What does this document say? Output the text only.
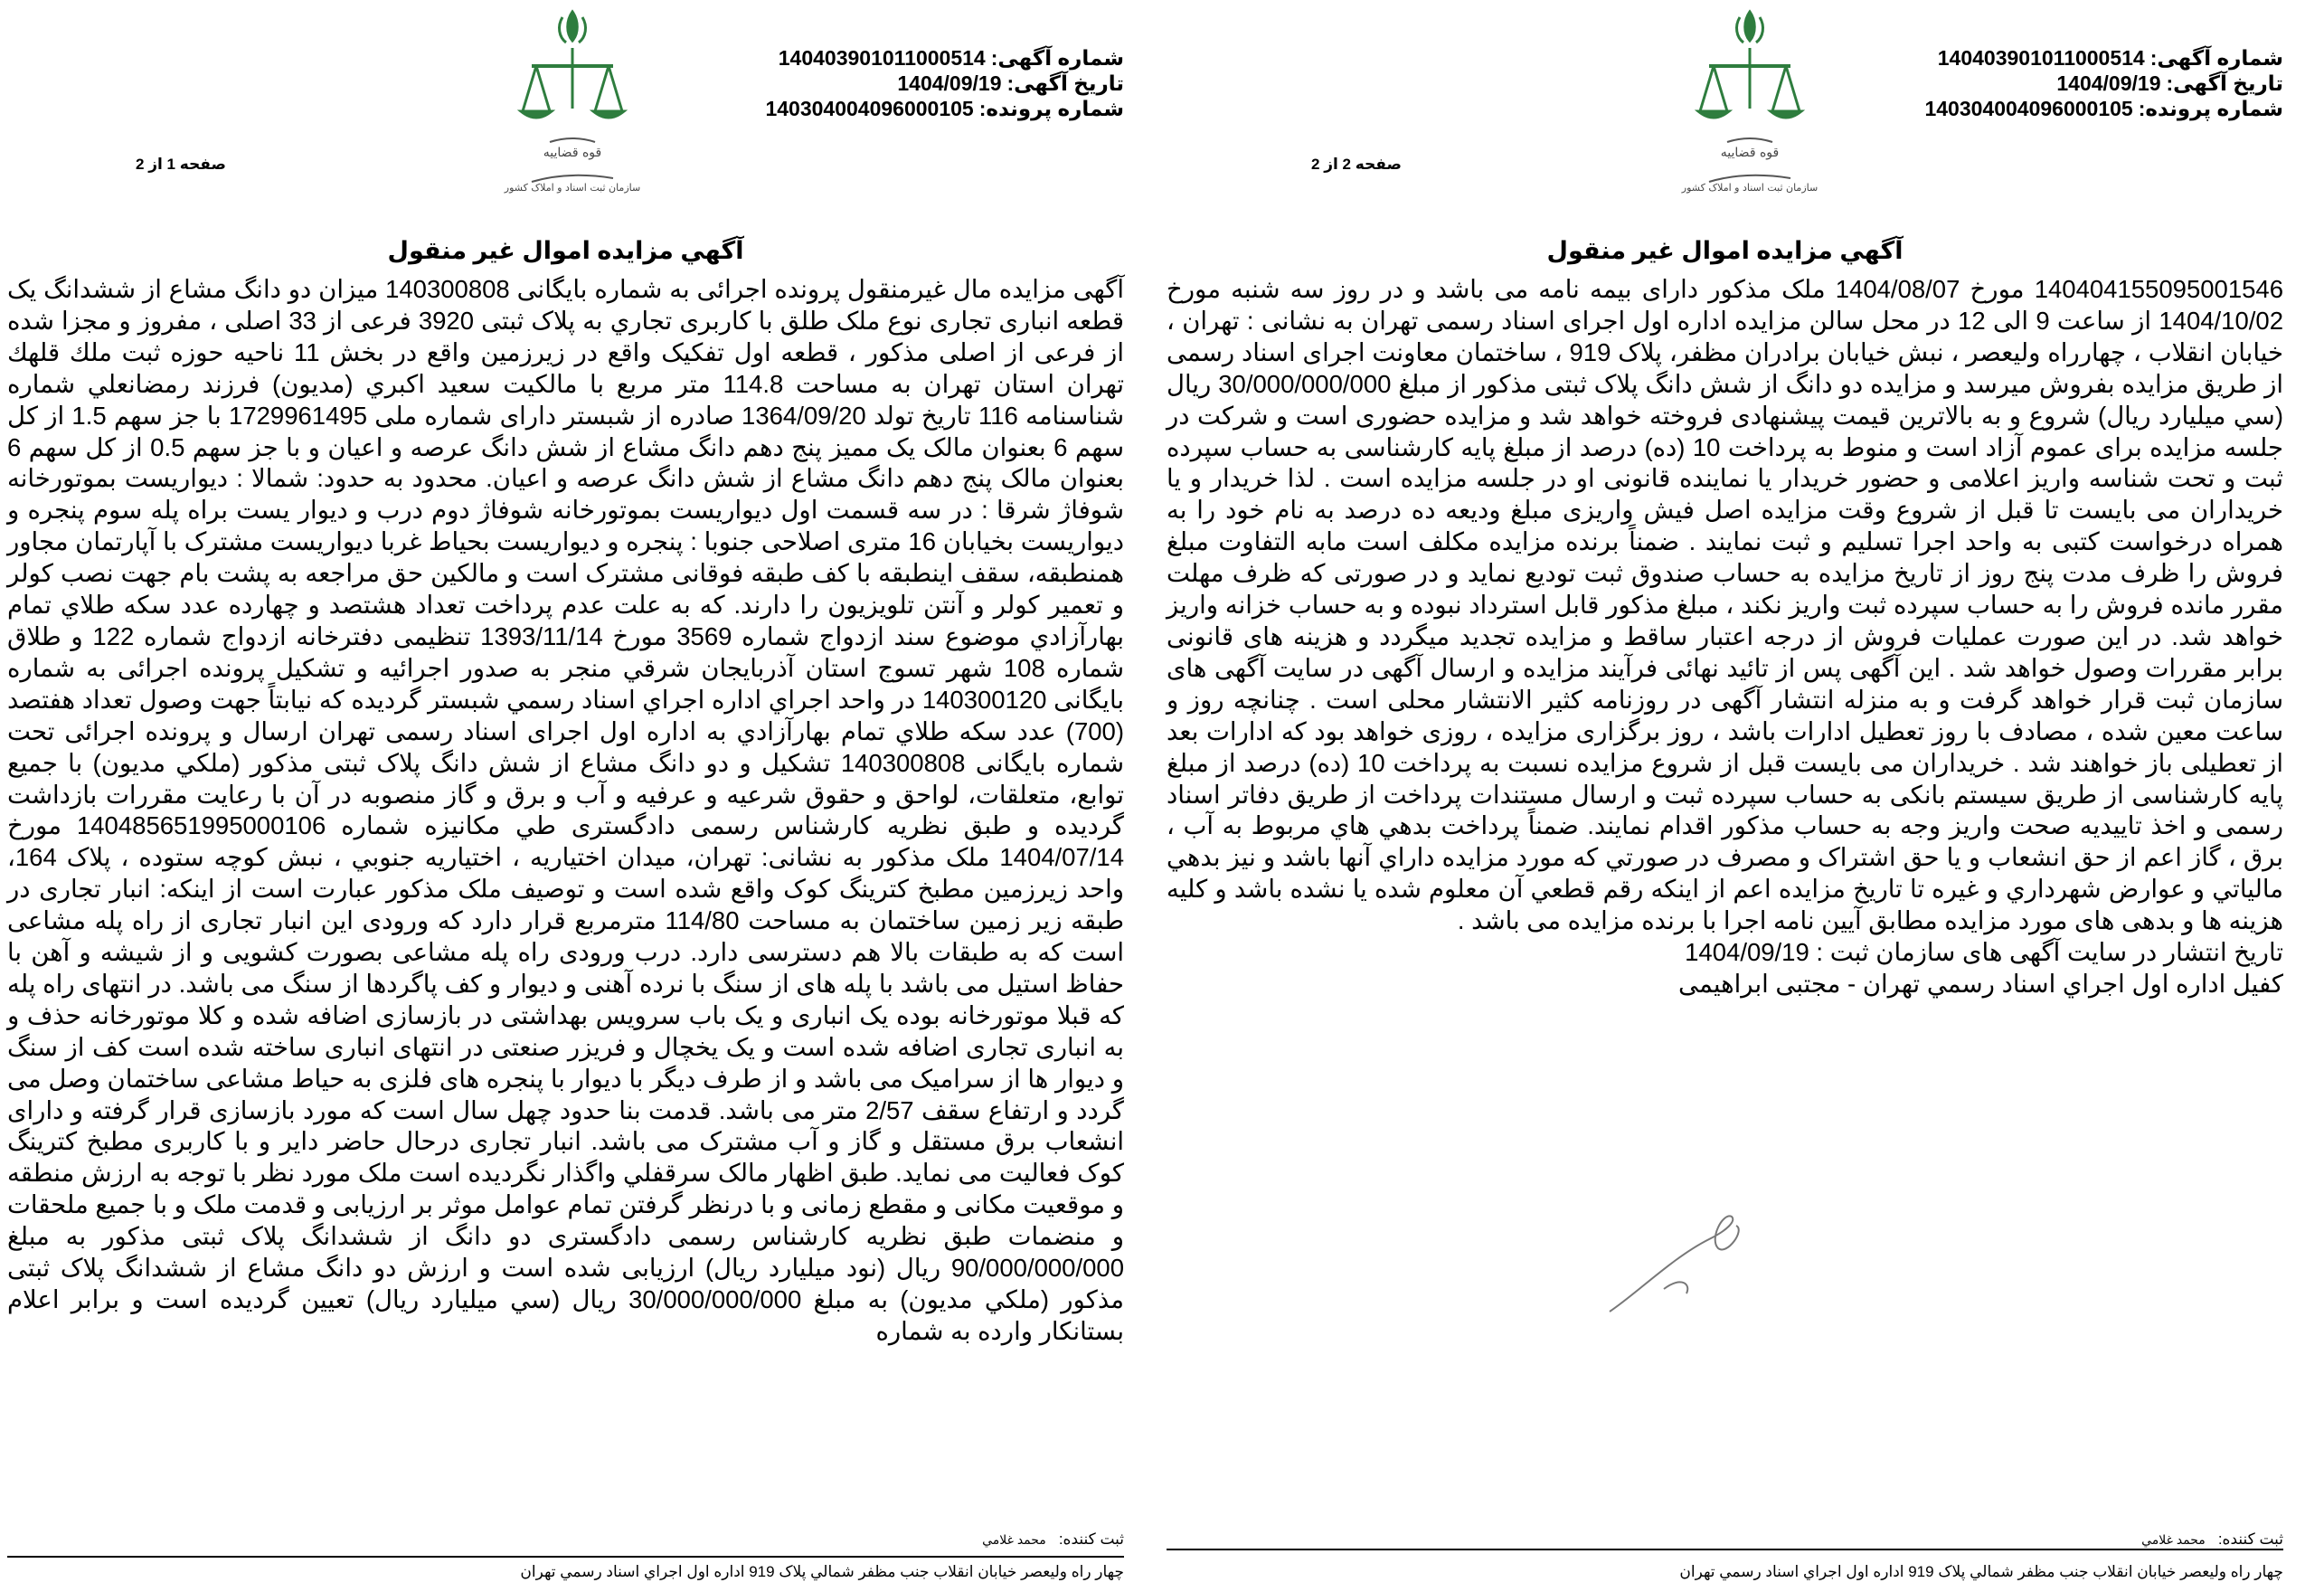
شماره آگهی:140403901011000514
تاریخ آگهی:1404/09/19
شماره پرونده:140304004096000105
صفحه 2 از 2
آگهي مزايده اموال غير منقول

140404155095001546 مورخ 1404/08/07 ملک مذکور دارای بیمه نامه می باشد و در روز سه شنبه مورخ 1404/10/02 از ساعت 9 الی 12 در محل سالن مزایده اداره اول اجرای اسناد رسمی تهران به نشانی : تهران ، خیابان انقلاب ، چهارراه ولیعصر ، نبش خیابان برادران مظفر، پلاک 919 ، ساختمان معاونت اجرای اسناد رسمی از طریق مزایده بفروش میرسد و مزایده دو دانگ از شش دانگ پلاک ثبتی مذکور از مبلغ 30/000/000/000 ریال (سي ميليارد ريال) شروع و به بالاترین قیمت پیشنهادی فروخته خواهد شد و مزایده حضوری است و شرکت در جلسه مزایده برای عموم آزاد است و منوط به پرداخت 10 (ده) درصد از مبلغ پایه کارشناسی به حساب سپرده ثبت و تحت شناسه واریز اعلامی و حضور خریدار یا نماینده قانونی او در جلسه مزایده است . لذا خریدار و یا خریداران می بایست تا قبل از شروع وقت مزایده اصل فیش واریزی مبلغ ودیعه ده درصد به نام خود را به همراه درخواست کتبی به واحد اجرا تسلیم و ثبت نمایند . ضمناً برنده مزایده مکلف است مابه التفاوت مبلغ فروش را ظرف مدت پنج روز از تاریخ مزایده به حساب صندوق ثبت تودیع نماید و در صورتی که ظرف مهلت مقرر مانده فروش را به حساب سپرده ثبت واریز نکند ، مبلغ مذکور قابل استرداد نبوده و به حساب خزانه واریز خواهد شد. در این صورت عملیات فروش از درجه اعتبار ساقط و مزایده تجدید میگردد و هزینه های قانونی برابر مقررات وصول خواهد شد . این آگهی پس از تائید نهائی فرآیند مزایده و ارسال آگهی در سایت آگهی های سازمان ثبت قرار خواهد گرفت و به منزله انتشار آگهی در روزنامه کثیر الانتشار محلی است . چنانچه روز و ساعت معین شده ، مصادف با روز تعطیل ادارات باشد ، روز برگزاری مزایده ، روزی خواهد بود که ادارات بعد از تعطیلی باز خواهند شد . خریداران می بایست قبل از شروع مزایده نسبت به پرداخت 10 (ده) درصد از مبلغ پایه کارشناسی از طریق سیستم بانکی به حساب سپرده ثبت و ارسال مستندات پرداخت از طریق دفاتر اسناد رسمی و اخذ تاییدیه صحت واریز وجه به حساب مذکور اقدام نمایند. ضمناً پرداخت بدهي هاي مربوط به آب ، برق ، گاز اعم از حق انشعاب و يا حق اشتراک و مصرف در صورتي كه مورد مزايده داراي آنها باشد و نيز بدهي مالياتي و عوارض شهرداري و غيره تا تاريخ مزايده اعم از اينكه رقم قطعي آن معلوم شده يا نشده باشد و کلیه هزینه ها و بدهی های مورد مزایده مطابق آیین نامه اجرا با برنده مزایده می باشد .

تاریخ انتشار در سایت آگهی های سازمان ثبت : 1404/09/19
کفیل اداره اول اجراي اسناد رسمي تهران - مجتبی ابراهیمی
ثبت کننده:محمد غلامي
چهار راه وليعصر خيابان انقلاب جنب مظفر شمالي پلاک 919 اداره اول اجراي اسناد رسمي تهران
شماره آگهی:140403901011000514
تاریخ آگهی:1404/09/19
شماره پرونده:140304004096000105
صفحه 1 از 2
آگهي مزايده اموال غير منقول

آگهی مزایده مال غیرمنقول پرونده اجرائی به شماره بایگانی 140300808 میزان دو دانگ مشاع از ششدانگ یک قطعه انباری تجاری نوع ملک طلق با کاربری تجاري به پلاک ثبتی 3920 فرعی از 33 اصلی ، مفروز و مجزا شده از فرعی از اصلی مذکور ، قطعه اول تفکیک واقع در زیرزمین واقع در بخش 11 ناحیه حوزه ثبت ملك قلهك تهران استان تهران به مساحت 114.8 متر مربع با مالکیت سعيد اكبري (مدیون) فرزند رمضانعلي شماره شناسنامه 116 تاریخ تولد 1364/09/20 صادره از شبستر دارای شماره ملی 1729961495 با جز سهم 1.5 از کل سهم 6 بعنوان مالک یک ممیز پنج دهم دانگ مشاع از شش دانگ عرصه و اعیان و با جز سهم 0.5 از کل سهم 6 بعنوان مالک پنج دهم دانگ مشاع از شش دانگ عرصه و اعیان. محدود به حدود: شمالا : دیواریست بموتورخانه شوفاژ شرقا : در سه قسمت اول دیواریست بموتورخانه شوفاژ دوم درب و دیوار یست براه پله سوم پنجره و دیواریست بخیابان 16 متری اصلاحی جنوبا : پنجره و دیواریست بحیاط غربا دیواریست مشترک با آپارتمان مجاور همنطبقه، سقف اینطبقه با کف طبقه فوقانی مشترک است و مالکین حق مراجعه به پشت بام جهت نصب کولر و تعمیر کولر و آنتن تلویزیون را دارند. که به علت عدم پرداخت تعداد هشتصد و چهارده عدد سكه طلاي تمام بهارآزادي موضوع سند ازدواج شماره 3569 مورخ 1393/11/14 تنظیمی دفترخانه ازدواج شماره 122 و طلاق شماره 108 شهر تسوج استان آذربایجان شرقي منجر به صدور اجرائیه و تشکیل پرونده اجرائی به شماره بایگانی 140300120 در واحد اجراي اداره اجراي اسناد رسمي شبستر گردیده که نیابتاً جهت وصول تعداد هفتصد (700) عدد سكه طلاي تمام بهارآزادي به اداره اول اجرای اسناد رسمی تهران ارسال و پرونده اجرائی تحت شماره بایگانی 140300808 تشکیل و دو دانگ مشاع از شش دانگ پلاک ثبتی مذکور (ملكي مديون) با جميع توابع، متعلقات، لواحق و حقوق شرعيه و عرفيه و آب و برق و گاز منصوبه در آن با رعايت مقررات بازداشت گرديده و طبق نظريه کارشناس رسمی دادگستری طي مكانيزه شماره 140485651995000106 مورخ 1404/07/14 ملک مذکور به نشانی: تهران، میدان اختیاریه ، اختیاریه جنوبي ، نبش کوچه ستوده ، پلاک 164، واحد زیرزمین مطبخ کترینگ کوک واقع شده است و توصيف ملک مذکور عبارت است از اینکه: انبار تجاری در طبقه زیر زمین ساختمان به مساحت 114/80 مترمربع قرار دارد که ورودی این انبار تجاری از راه پله مشاعی است که به طبقات بالا هم دسترسی دارد. درب ورودی راه پله مشاعی بصورت کشویی و از شیشه و آهن با حفاظ استیل می باشد با پله های از سنگ با نرده آهنی و دیوار و کف پاگردها از سنگ می باشد. در انتهای راه پله که قبلا موتورخانه بوده یک انباری و یک باب سرویس بهداشتی در بازسازی اضافه شده و کلا موتورخانه حذف و به انباری تجاری اضافه شده است و یک یخچال و فریزر صنعتی در انتهای انباری ساخته شده است کف از سنگ و دیوار ها از سرامیک می باشد و از طرف دیگر با دیوار با پنجره های فلزی به حیاط مشاعی ساختمان وصل می گردد و ارتفاع سقف 2/57 متر می باشد. قدمت بنا حدود چهل سال است که مورد بازسازی قرار گرفته و دارای انشعاب برق مستقل و گاز و آب مشترک می باشد. انبار تجاری درحال حاضر دایر و با کاربری مطبخ کترینگ کوک فعالیت می نماید. طبق اظهار مالک سرقفلي واگذار نگرديده است ملک مورد نظر با توجه به ارزش منطقه و موقعیت مکانی و مقطع زمانی و با درنظر گرفتن تمام عوامل موثر بر ارزیابی و قدمت ملک و با جمیع ملحقات و منضمات طبق نظریه کارشناس رسمی دادگستری دو دانگ از ششدانگ پلاک ثبتی مذکور به مبلغ 90/000/000/000 ریال (نود ميليارد ريال) ارزیابی شده است و ارزش دو دانگ مشاع از ششدانگ پلاک ثبتی مذکور (ملكي مديون) به مبلغ 30/000/000/000 ریال (سي ميليارد ريال) تعیین گردیده است و برابر اعلام بستانکار وارده به شماره

ثبت کننده:محمد غلامي
چهار راه وليعصر خيابان انقلاب جنب مظفر شمالي پلاک 919 اداره اول اجراي اسناد رسمي تهران
